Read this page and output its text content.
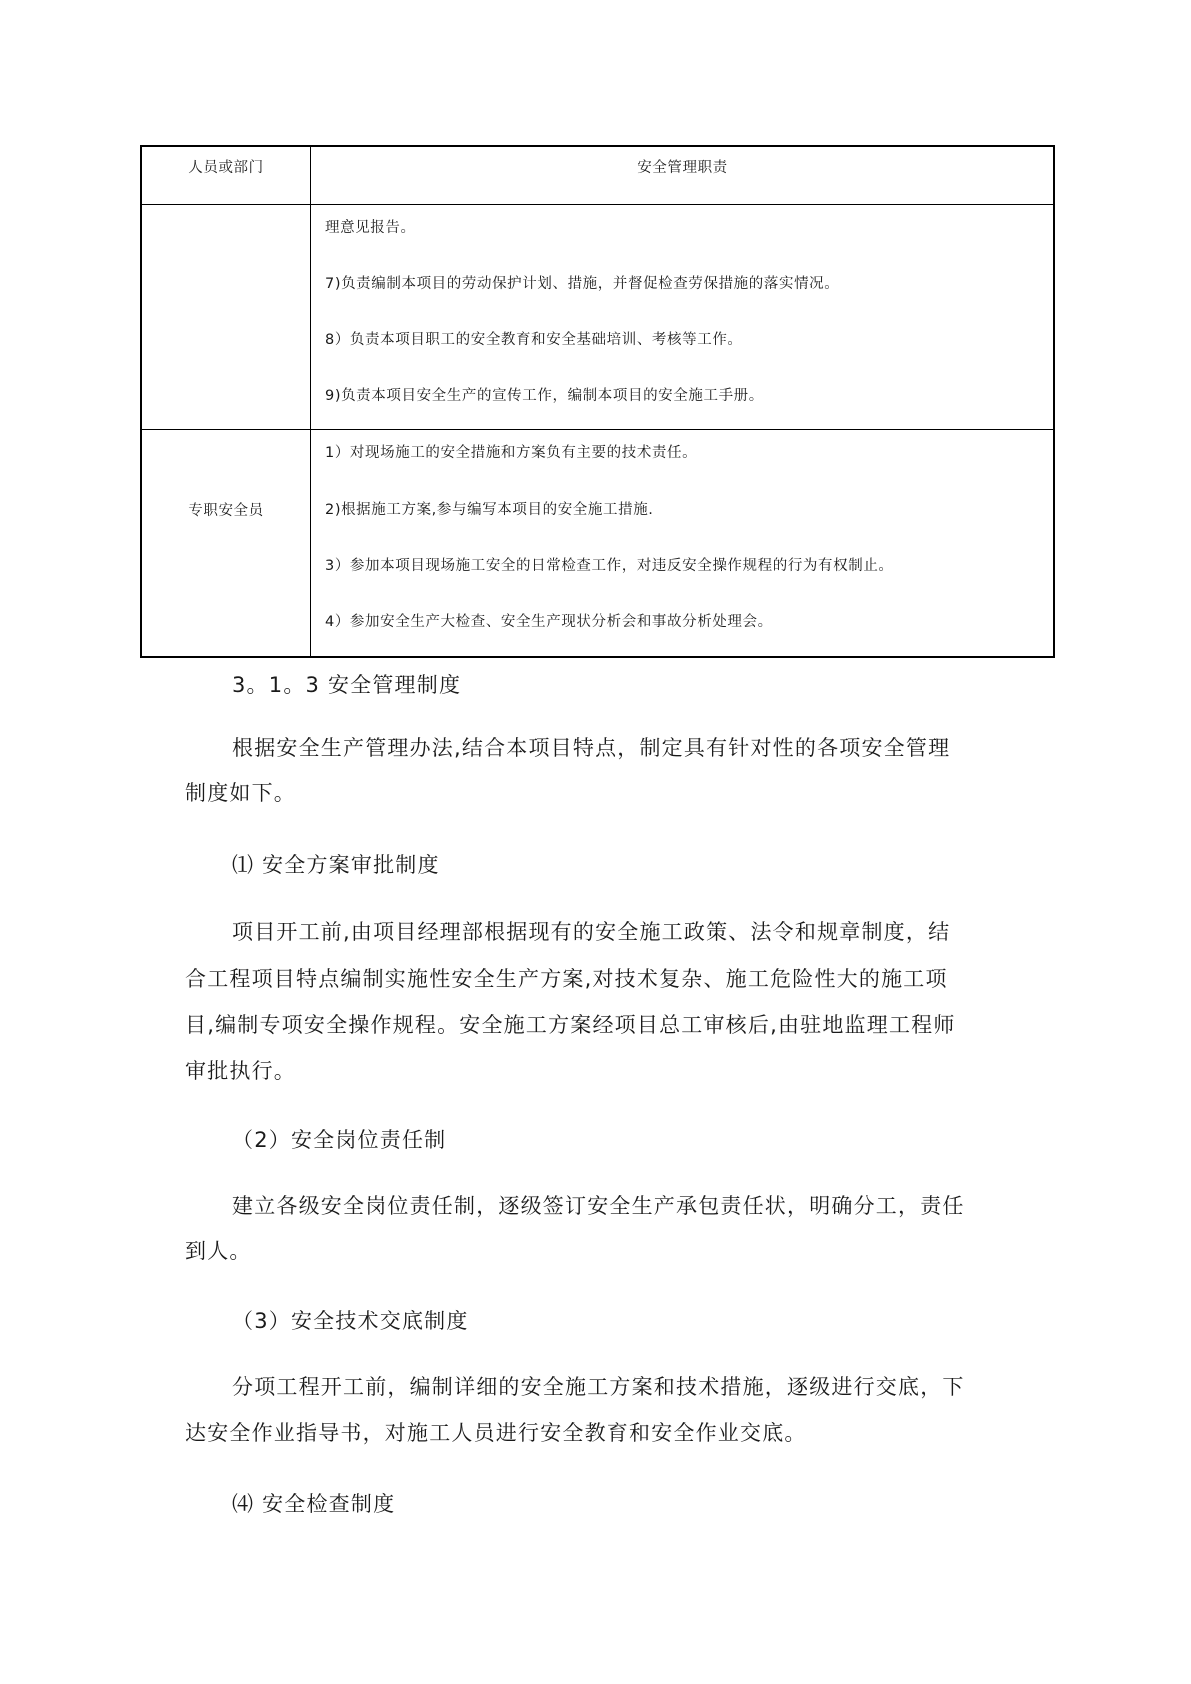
人员或部门	安全管理职责
理意见报告。
7)负责编制本项目的劳动保护计划、措施，并督促检查劳保措施的落实情况。
8）负责本项目职工的安全教育和安全基础培训、考核等工作。
9)负责本项目安全生产的宣传工作，编制本项目的安全施工手册。
专职安全员
1）对现场施工的安全措施和方案负有主要的技术责任。
2)根据施工方案,参与编写本项目的安全施工措施.
3）参加本项目现场施工安全的日常检查工作，对违反安全操作规程的行为有权制止。
4）参加安全生产大检查、安全生产现状分析会和事故分析处理会。
3。1。3 安全管理制度
根据安全生产管理办法,结合本项目特点，制定具有针对性的各项安全管理
制度如下。
⑴ 安全方案审批制度
项目开工前,由项目经理部根据现有的安全施工政策、法令和规章制度，结
合工程项目特点编制实施性安全生产方案,对技术复杂、施工危险性大的施工项
目,编制专项安全操作规程。安全施工方案经项目总工审核后,由驻地监理工程师
审批执行。
（2）安全岗位责任制
建立各级安全岗位责任制，逐级签订安全生产承包责任状，明确分工，责任
到人。
（3）安全技术交底制度
分项工程开工前，编制详细的安全施工方案和技术措施，逐级进行交底，下
达安全作业指导书，对施工人员进行安全教育和安全作业交底。
⑷ 安全检查制度
